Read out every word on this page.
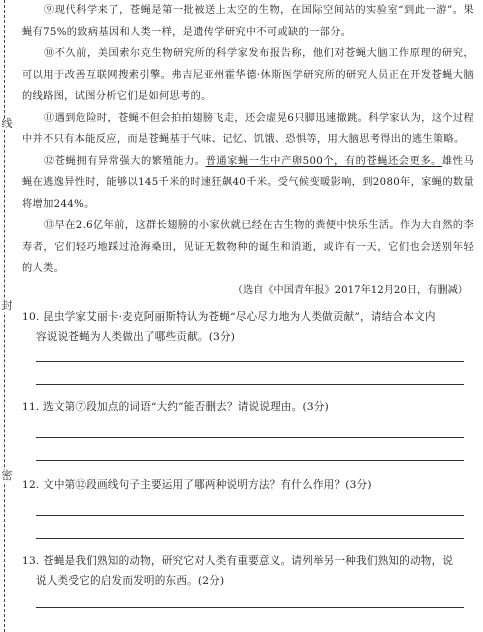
线
封
密

⑨现代科学来了，苍蝇是第一批被送上太空的生物，在国际空间站的实验室“到此一游”。果蝇有75%的致病基因和人类一样，是遗传学研究中不可或缺的一部分。

⑩不久前，美国索尔克生物研究所的科学家发布报告称，他们对苍蝇大脑工作原理的研究，可以用于改善互联网搜索引擎。弗吉尼亚州霍华德·休斯医学研究所的研究人员正在开发苍蝇大脑的线路图，试图分析它们是如何思考的。

⑪遇到危险时，苍蝇不但会拍拍翅膀飞走，还会虚晃6只脚迅速撤跳。科学家认为，这个过程中并不只有本能反应，而是苍蝇基于气味、记忆、饥饿、恐惧等，用大脑思考得出的逃生策略。

⑫苍蝇拥有异常强大的繁殖能力。普通家蝇一生中产卵500个，有的苍蝇还会更多。雄性马蝇在逃逸异性时，能够以145千米的时速狂飙40千米。受气候变暖影响，到2080年，家蝇的数量将增加244%。

⑬早在2.6亿年前，这群长翅膀的小家伙就已经在古生物的粪便中快乐生活。作为大自然的李寿者，它们轻巧地踩过沧海桑田，见证无数物种的诞生和消逝，或许有一天，它们也会送别年轻的人类。

（选自《中国青年报》2017年12月20日，有删减）

10. 昆虫学家艾丽卡·麦克阿丽斯特认为苍蝇“尽心尽力地为人类做贡献”，请结合本文内
容说说苍蝇为人类做出了哪些贡献。(3分)

11. 选文第⑦段加点的词语“大约”能否删去？请说说理由。(3分)

12. 文中第⑫段画线句子主要运用了哪两种说明方法？有什么作用？(3分)

13. 苍蝇是我们熟知的动物，研究它对人类有重要意义。请列举另一种我们熟知的动物，说
说人类受它的启发而发明的东西。(2分)
